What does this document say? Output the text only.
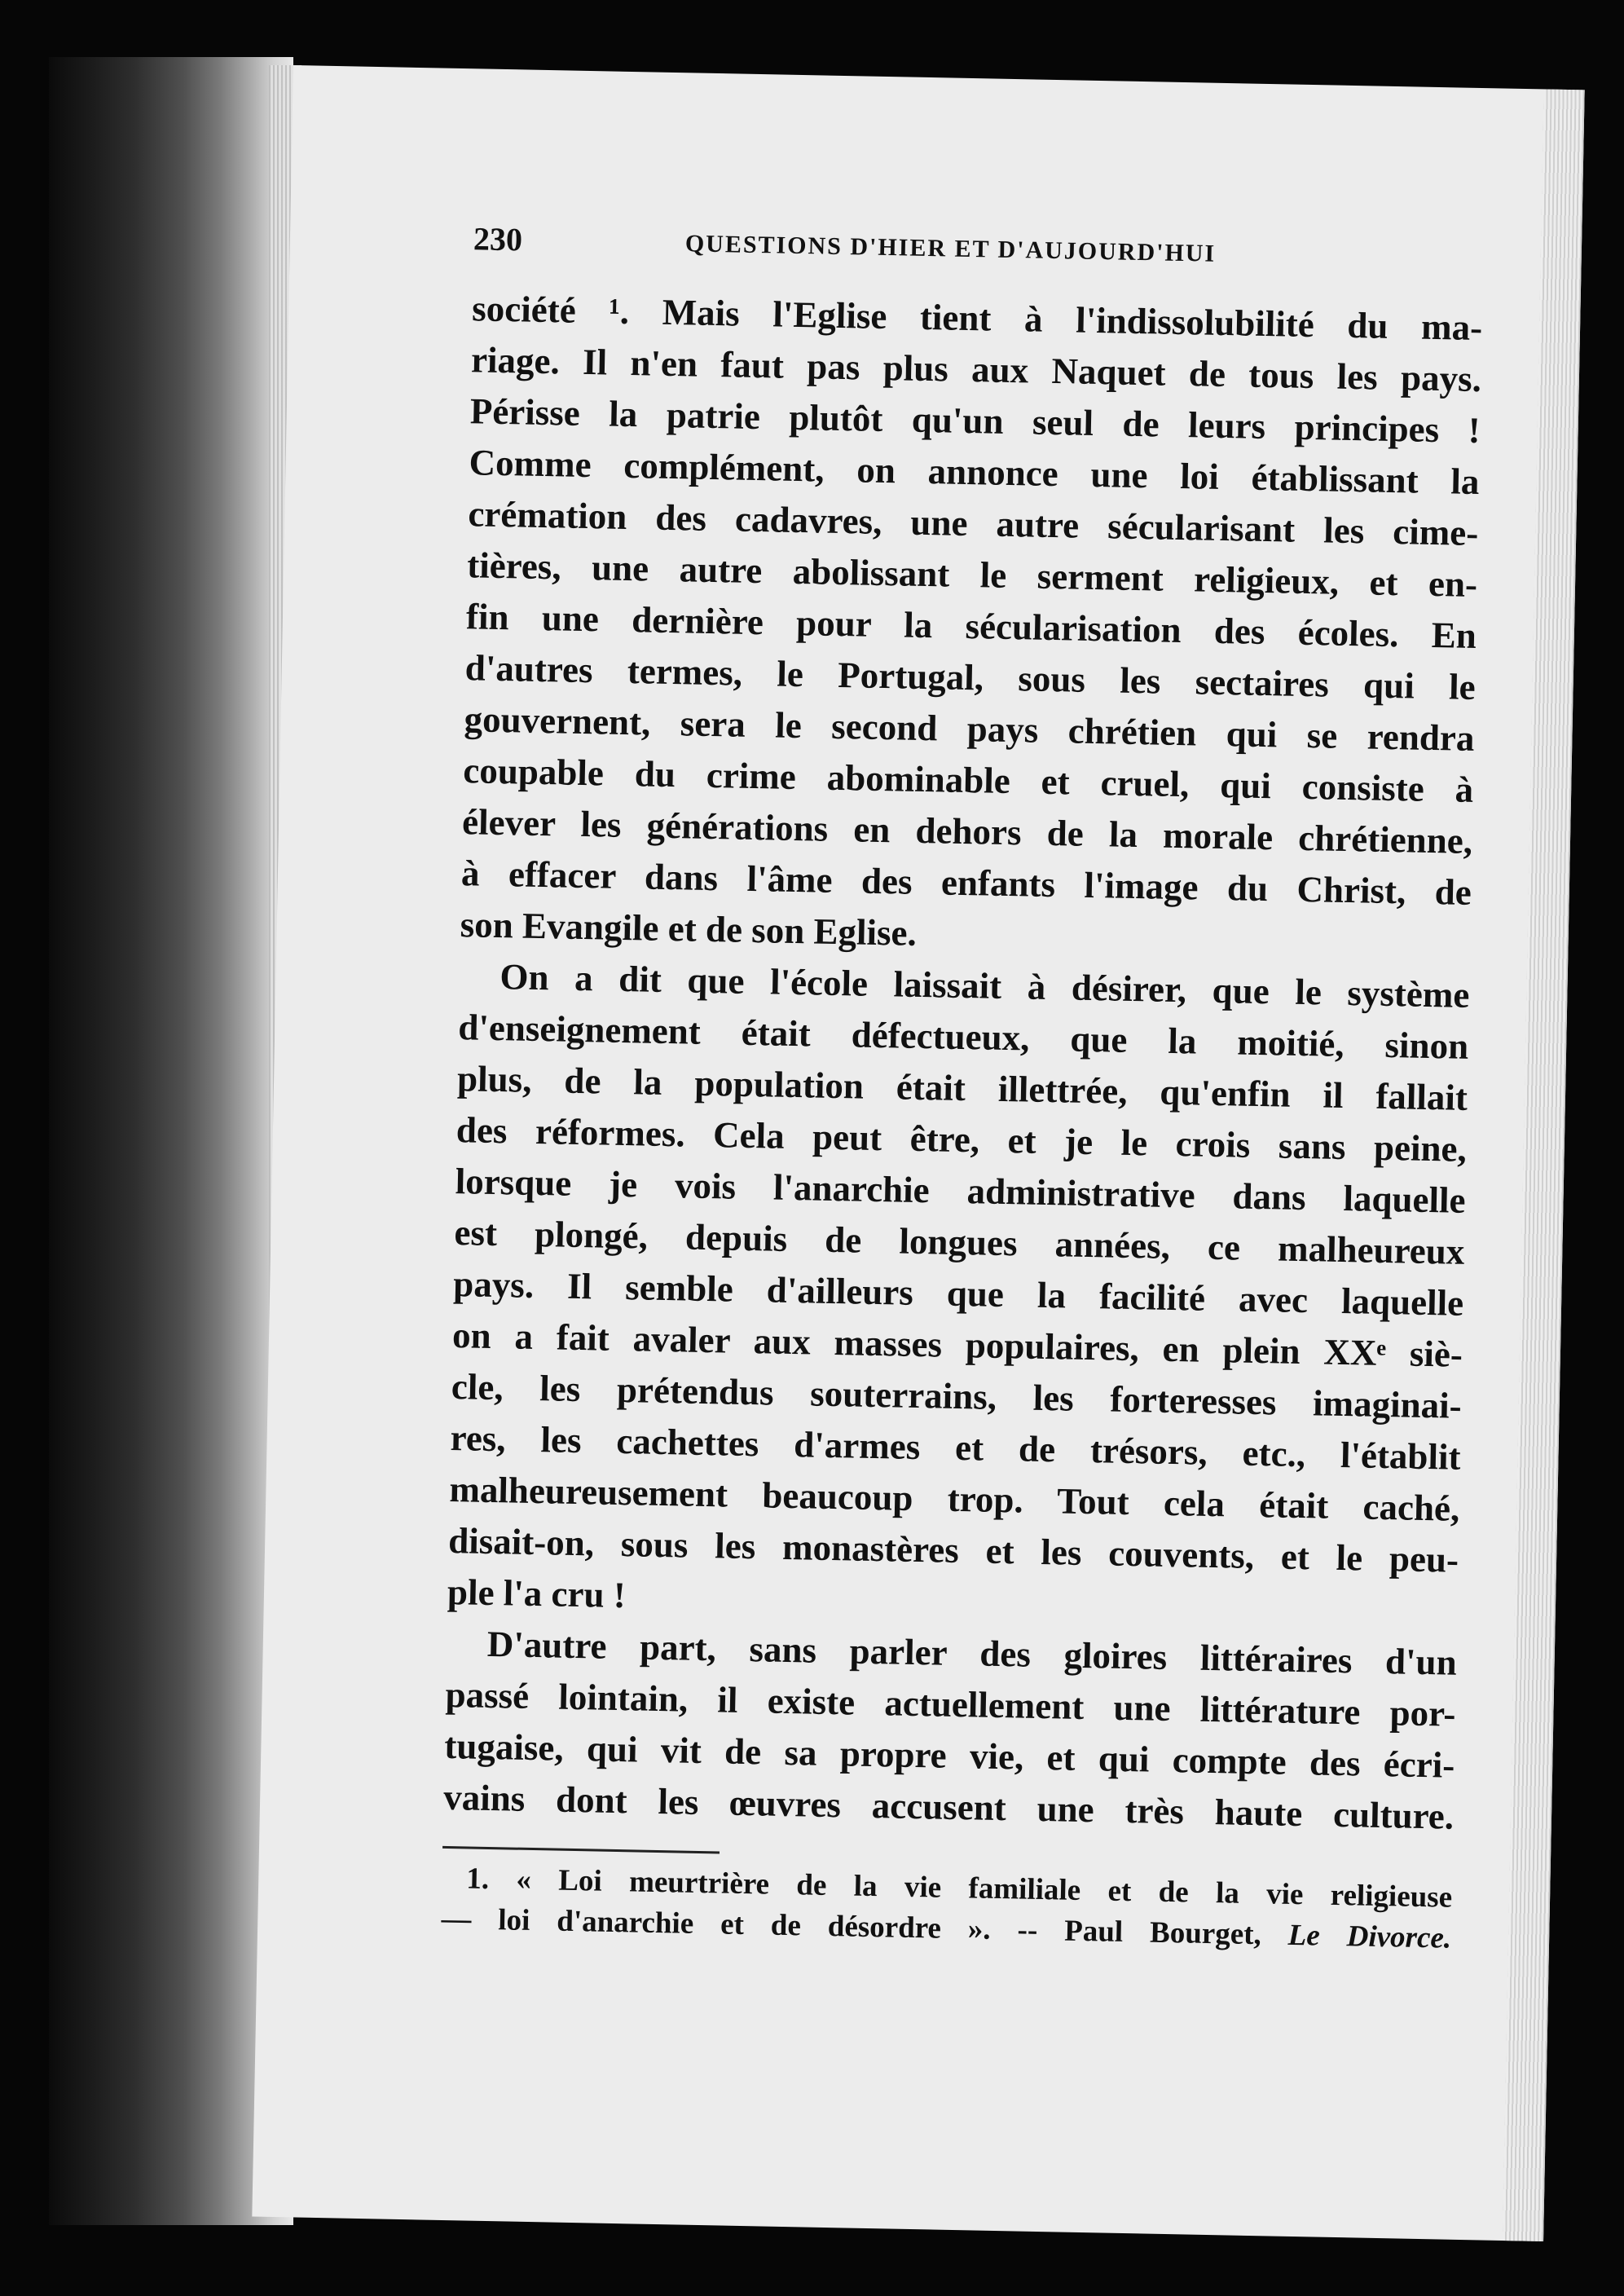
230	QUESTIONS D'HIER ET D'AUJOURD'HUI
société ¹. Mais l'Eglise tient à l'indissolubilité du ma-
riage. Il n'en faut pas plus aux Naquet de tous les pays.
Périsse la patrie plutôt qu'un seul de leurs principes !
Comme complément, on annonce une loi établissant la
crémation des cadavres, une autre sécularisant les cime-
tières, une autre abolissant le serment religieux, et en-
fin une dernière pour la sécularisation des écoles. En
d'autres termes, le Portugal, sous les sectaires qui le
gouvernent, sera le second pays chrétien qui se rendra
coupable du crime abominable et cruel, qui consiste à
élever les générations en dehors de la morale chrétienne,
à effacer dans l'âme des enfants l'image du Christ, de
son Evangile et de son Eglise.
On a dit que l'école laissait à désirer, que le système
d'enseignement était défectueux, que la moitié, sinon
plus, de la population était illettrée, qu'enfin il fallait
des réformes. Cela peut être, et je le crois sans peine,
lorsque je vois l'anarchie administrative dans laquelle
est plongé, depuis de longues années, ce malheureux
pays. Il semble d'ailleurs que la facilité avec laquelle
on a fait avaler aux masses populaires, en plein XXᵉ siè-
cle, les prétendus souterrains, les forteresses imaginai-
res, les cachettes d'armes et de trésors, etc., l'établit
malheureusement beaucoup trop. Tout cela était caché,
disait-on, sous les monastères et les couvents, et le peu-
ple l'a cru !
D'autre part, sans parler des gloires littéraires d'un
passé lointain, il existe actuellement une littérature por-
tugaise, qui vit de sa propre vie, et qui compte des écri-
vains dont les œuvres accusent une très haute culture.
1. « Loi meurtrière de la vie familiale et de la vie religieuse
— loi d'anarchie et de désordre ». -- Paul Bourget, Le Divorce.
